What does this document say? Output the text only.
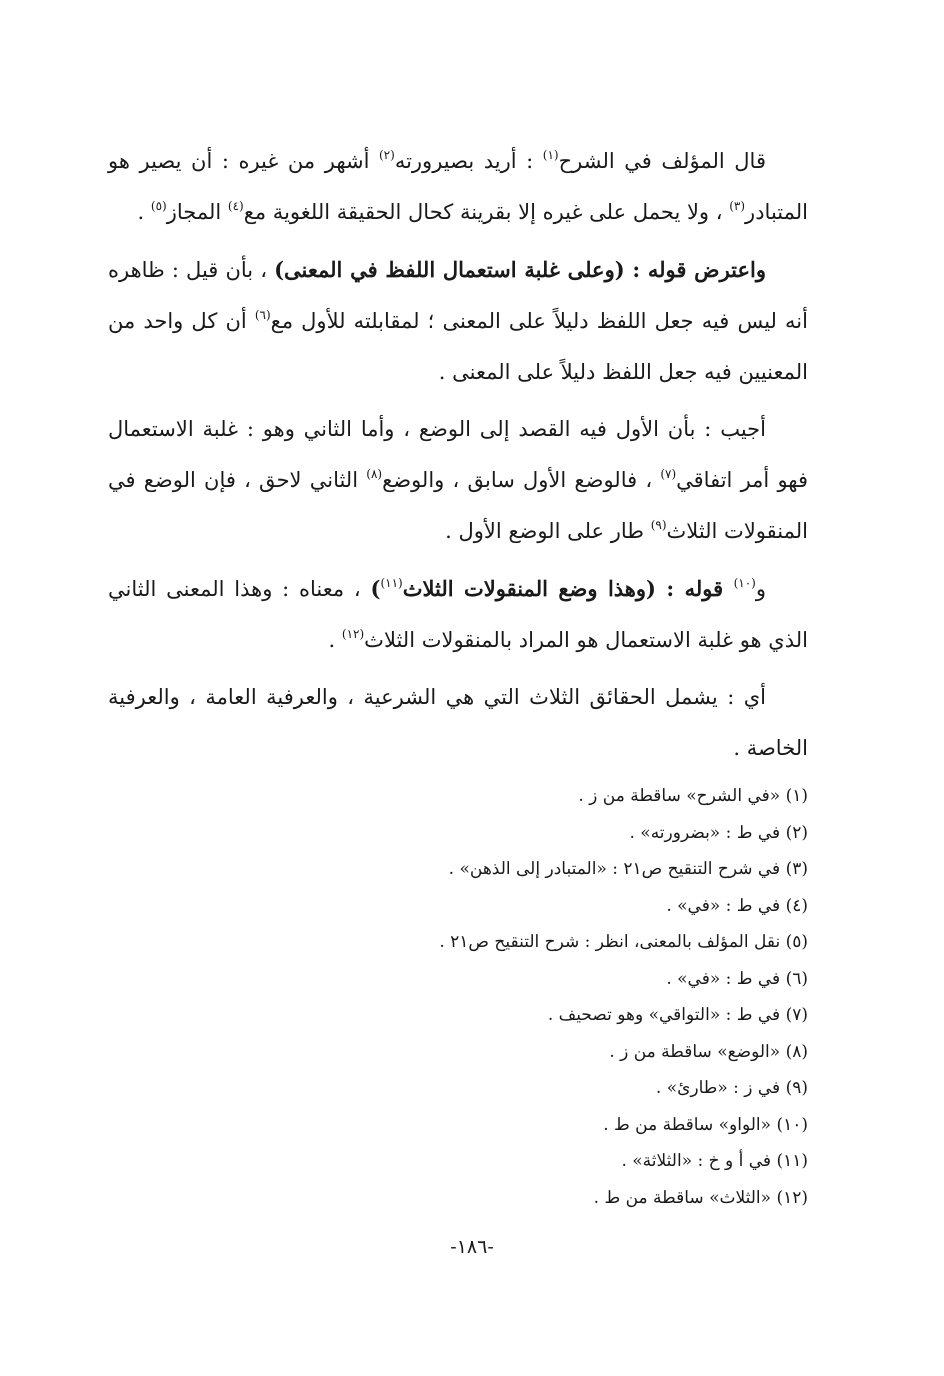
قال المؤلف في الشرح$^{(١)}$ : أريد بصيرورته$^{(٢)}$ أشهر من غيره : أن يصير هو المتبادر$^{(٣)}$ ، ولا يحمل على غيره إلا بقرينة كحال الحقيقة اللغوية مع$^{(٤)}$ المجاز$^{(٥)}$ .

واعترض قوله : (وعلى غلبة استعمال اللفظ في المعنى) ، بأن قيل : ظاهره أنه ليس فيه جعل اللفظ دليلاً على المعنى ؛ لمقابلته للأول مع$^{(٦)}$ أن كل واحد من المعنيين فيه جعل اللفظ دليلاً على المعنى .

أجيب : بأن الأول فيه القصد إلى الوضع ، وأما الثاني وهو : غلبة الاستعمال فهو أمر اتفاقي$^{(٧)}$ ، فالوضع الأول سابق ، والوضع$^{(٨)}$ الثاني لاحق ، فإن الوضع في المنقولات الثلاث$^{(٩)}$ طار على الوضع الأول .

و$^{(١٠)}$ قوله : (وهذا وضع المنقولات الثلاث$^{(١١)}$) ، معناه : وهذا المعنى الثاني الذي هو غلبة الاستعمال هو المراد بالمنقولات الثلاث$^{(١٢)}$ .

أي : يشمل الحقائق الثلاث التي هي الشرعية ، والعرفية العامة ، والعرفية الخاصة .

(١) «في الشرح» ساقطة من ز .
(٢) في ط : «بضرورته» .
(٣) في شرح التنقيح ص٢١ : «المتبادر إلى الذهن» .
(٤) في ط : «في» .
(٥) نقل المؤلف بالمعنى، انظر : شرح التنقيح ص٢١ .
(٦) في ط : «في» .
(٧) في ط : «التواقي» وهو تصحيف .
(٨) «الوضع» ساقطة من ز .
(٩) في ز : «طارئ» .
(١٠) «الواو» ساقطة من ط .
(١١) في أ و خ : «الثلاثة» .
(١٢) «الثلاث» ساقطة من ط .
-١٨٦-
